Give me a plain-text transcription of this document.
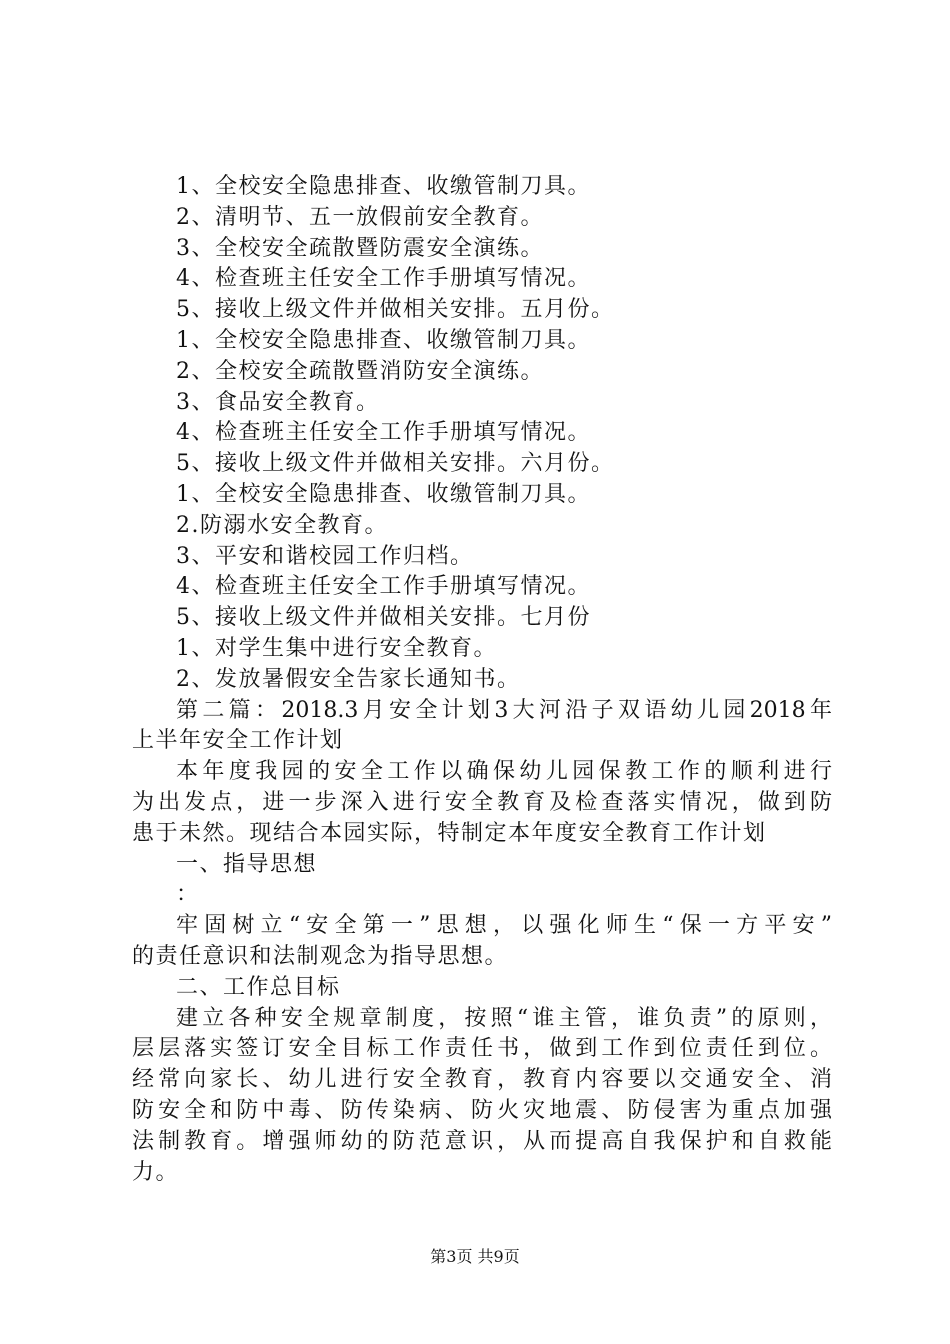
1、全校安全隐患排查、收缴管制刀具。
2、清明节、五一放假前安全教育。
3、全校安全疏散暨防震安全演练。
4、检查班主任安全工作手册填写情况。
5、接收上级文件并做相关安排。五月份。
1、全校安全隐患排查、收缴管制刀具。
2、全校安全疏散暨消防安全演练。
3、食品安全教育。
4、检查班主任安全工作手册填写情况。
5、接收上级文件并做相关安排。六月份。
1、全校安全隐患排查、收缴管制刀具。
2.防溺水安全教育。
3、平安和谐校园工作归档。
4、检查班主任安全工作手册填写情况。
5、接收上级文件并做相关安排。七月份
1、对学生集中进行安全教育。
2、发放暑假安全告家长通知书。
第二篇：2018.3月安全计划3大河沿子双语幼儿园2018年
上半年安全工作计划
本年度我园的安全工作以确保幼儿园保教工作的顺利进行
为出发点，进一步深入进行安全教育及检查落实情况，做到防
患于未然。现结合本园实际，特制定本年度安全教育工作计划
一、指导思想
：
牢固树立“安全第一”思想，以强化师生“保一方平安”
的责任意识和法制观念为指导思想。
二、工作总目标
建立各种安全规章制度，按照“谁主管，谁负责”的原则，
层层落实签订安全目标工作责任书，做到工作到位责任到位。
经常向家长、幼儿进行安全教育，教育内容要以交通安全、消
防安全和防中毒、防传染病、防火灾地震、防侵害为重点加强
法制教育。增强师幼的防范意识，从而提高自我保护和自救能
力。
第3页 共9页
